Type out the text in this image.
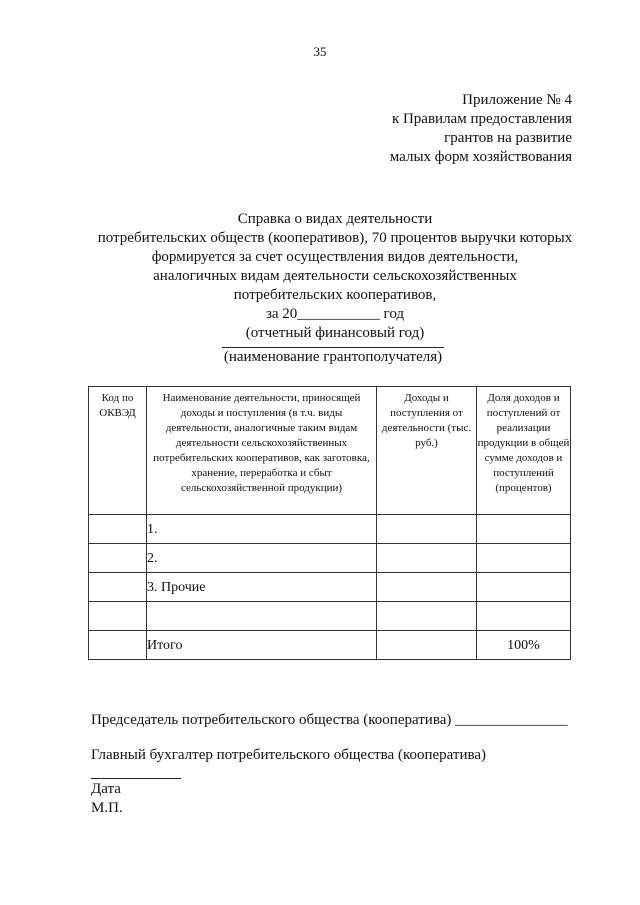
35
Приложение № 4
к Правилам предоставления
грантов на развитие
малых форм хозяйствования
Справка о видах деятельности
потребительских обществ (кооперативов), 70 процентов выручки которых
формируется за счет осуществления видов деятельности,
аналогичных видам деятельности сельскохозяйственных
потребительских кооперативов,
за 20___________ год
(отчетный финансовый год)
(наименование грантополучателя)
Код по ОКВЭД	Наименование деятельности, приносящей доходы и поступления (в т.ч. виды деятельности, аналогичные таким видам деятельности сельскохозяйственных потребительских кооперативов, как заготовка, хранение, переработка и сбыт сельскохозяйственной продукции)	Доходы и поступления от деятельности (тыс. руб.)	Доля доходов и поступлений от реализации продукции в общей сумме доходов и поступлений (процентов)
	1.		
	2.		
	3. Прочие		

	Итого		100%
Председатель потребительского общества (кооператива) _______________
Главный бухгалтер потребительского общества (кооператива)
Дата
М.П.
